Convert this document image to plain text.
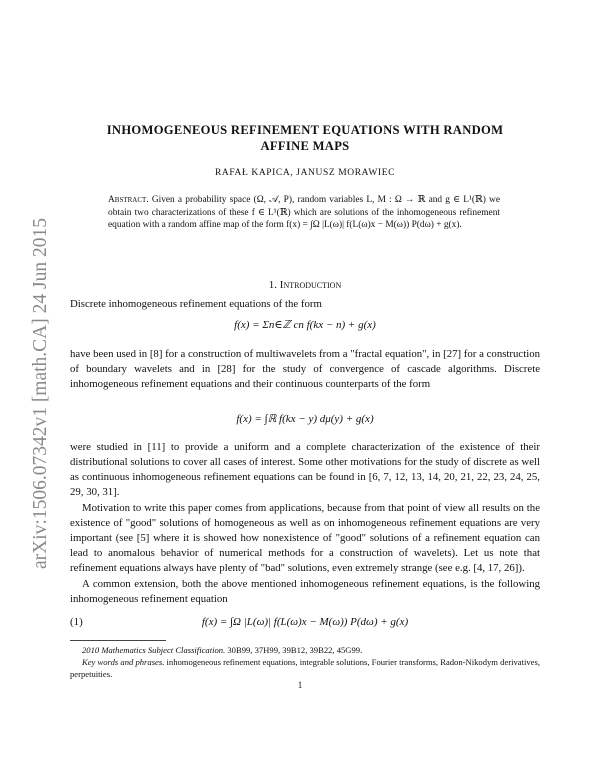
arXiv:1506.07342v1 [math.CA] 24 Jun 2015
INHOMOGENEOUS REFINEMENT EQUATIONS WITH RANDOM
AFFINE MAPS
RAFAŁ KAPICA, JANUSZ MORAWIEC
Abstract. Given a probability space (Ω, 𝒜, P), random variables L, M : Ω → ℝ and g ∈ L¹(ℝ) we obtain two characterizations of these f ∈ L¹(ℝ) which are solutions of the inhomogeneous refinement equation with a random affine map of the form f(x) = ∫Ω |L(ω)| f(L(ω)x − M(ω)) P(dω) + g(x).
1. Introduction

Discrete inhomogeneous refinement equations of the form

f(x) = Σn∈ℤ cn f(kx − n) + g(x)

have been used in [8] for a construction of multiwavelets from a "fractal equation", in [27] for a construction of boundary wavelets and in [28] for the study of convergence of cascade algorithms. Discrete inhomogeneous refinement equations and their continuous counterparts of the form

f(x) = ∫ℝ f(kx − y) dμ(y) + g(x)

were studied in [11] to provide a uniform and a complete characterization of the existence of their distributional solutions to cover all cases of interest. Some other motivations for the study of discrete as well as continuous inhomogeneous refinement equations can be found in [6, 7, 12, 13, 14, 20, 21, 22, 23, 24, 25, 29, 30, 31].

Motivation to write this paper comes from applications, because from that point of view all results on the existence of "good" solutions of homogeneous as well as on inhomogeneous refinement equations are very important (see [5] where it is showed how nonexistence of "good" solutions of a refinement equation can lead to anomalous behavior of numerical methods for a construction of wavelets). Let us note that refinement equations always have plenty of "bad" solutions, even extremely strange (see e.g. [4, 17, 26]).

A common extension, both the above mentioned inhomogeneous refinement equations, is the following inhomogeneous refinement equation

(1)	f(x) = ∫Ω |L(ω)| f(L(ω)x − M(ω)) P(dω) + g(x)

2010 Mathematics Subject Classification. 30B99, 37H99, 39B12, 39B22, 45G99.

Key words and phrases. inhomogeneous refinement equations, integrable solutions, Fourier transforms, Radon-Nikodym derivatives, perpetuities.

1
